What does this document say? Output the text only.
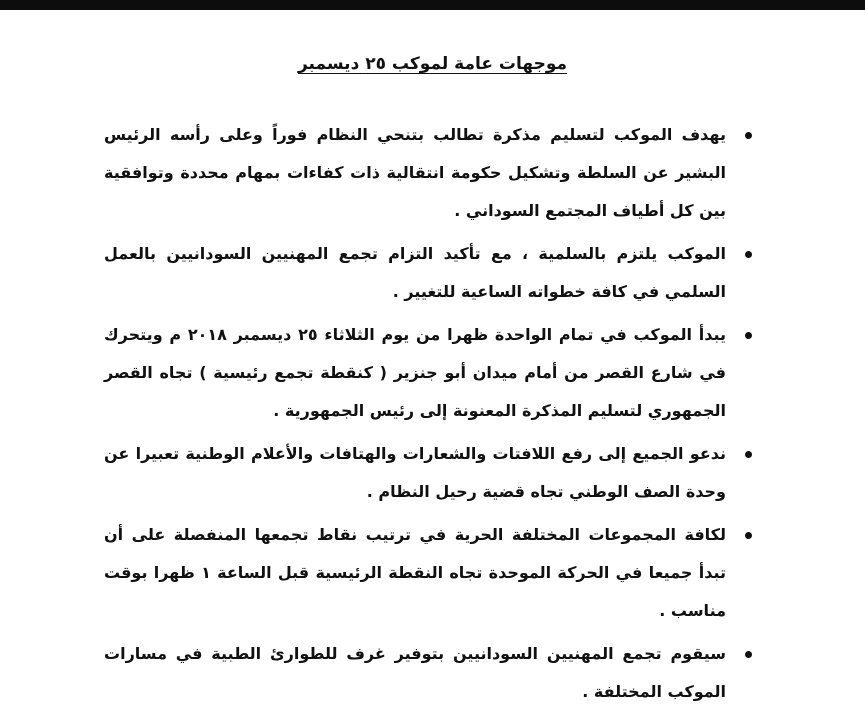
موجهات عامة لموكب ٢٥ ديسمبر
يهدف الموكب لتسليم مذكرة تطالب بتنحي النظام فوراً وعلى رأسه الرئيس البشير عن السلطة وتشكيل حكومة انتقالية ذات كفاءات بمهام محددة وتوافقية بين كل أطياف المجتمع السوداني .
الموكب يلتزم بالسلمية ، مع تأكيد التزام تجمع المهنيين السودانيين بالعمل السلمي في كافة خطواته الساعية للتغيير .
يبدأ الموكب في تمام الواحدة ظهرا من يوم الثلاثاء ٢٥ ديسمبر ٢٠١٨ م ويتحرك في شارع القصر من أمام ميدان أبو جنزير ( كنقطة تجمع رئيسية ) تجاه القصر الجمهوري لتسليم المذكرة المعنونة إلى رئيس الجمهورية .
ندعو الجميع إلى رفع اللافتات والشعارات والهتافات والأعلام الوطنية تعبيرا عن وحدة الصف الوطني تجاه قضية رحيل النظام .
لكافة المجموعات المختلفة الحرية في ترتيب نقاط تجمعها المنفصلة على أن تبدأ جميعا في الحركة الموحدة تجاه النقطة الرئيسية قبل الساعة ١ ظهرا بوقت مناسب .
سيقوم تجمع المهنيين السودانيين بتوفير غرف للطوارئ الطبية في مسارات الموكب المختلفة .
